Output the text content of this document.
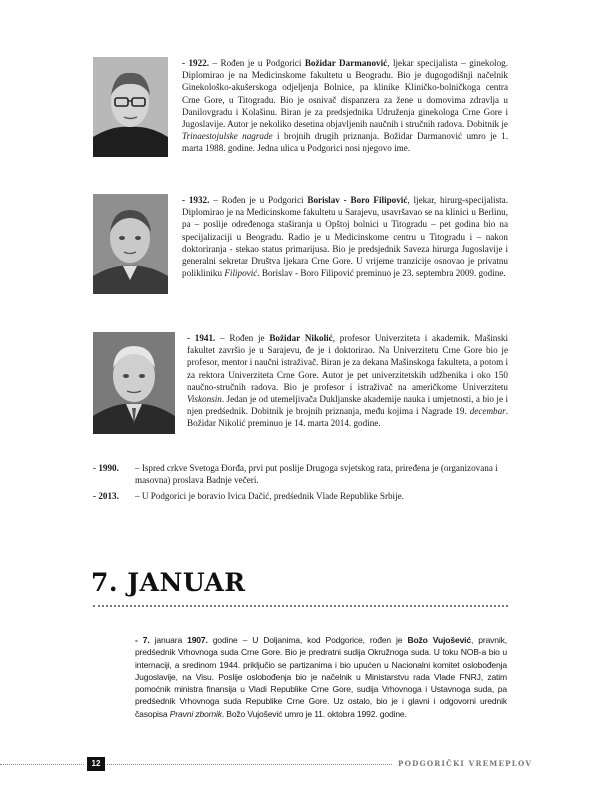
- 1922. – Rođen je u Podgorici Božidar Darmanović, ljekar specijalista – ginekolog. Diplomirao je na Medicinskome fakultetu u Beogradu. Bio je dugogodišnji načelnik Ginekološko-akušerskoga odjeljenja Bolnice, pa klinike Kliničko-bolničkoga centra Crne Gore, u Titogradu. Bio je osnivač dispanzera za žene u domovima zdravlja u Danilovgradu i Kolašinu. Biran je za predsjednika Udruženja ginekologa Crne Gore i Jugoslavije. Autor je nekoliko desetina objavljenih naučnih i stručnih radova. Dobitnik je Trinaestojulske nagrade i brojnih drugih priznanja. Božidar Darmanović umro je 1. marta 1988. godine. Jedna ulica u Podgorici nosi njegovo ime.

- 1932. – Rođen je u Podgorici Borislav - Boro Filipović, ljekar, hirurg-specijalista. Diplomirao je na Medicinskome fakultetu u Sarajevu, usavršavao se na klinici u Berlinu, pa – poslije određenoga staširanja u Opštoj bolnici u Titogradu – pet godina bio na specijalizaciji u Beogradu. Radio je u Medicinskome centru u Titogradu i – nakon doktoriranja - stekao status primarijusa. Bio je predsjednik Saveza hirurga Jugoslavije i generalni sekretar Društva ljekara Crne Gore. U vrijeme tranzicije osnovao je privatnu polikliniku Filipović. Borislav - Boro Filipović preminuo je 23. septembra 2009. godine.

- 1941. – Rođen je Božidar Nikolić, profesor Univerziteta i akademik. Mašinski fakultet završio je u Sarajevu, đe je i doktorirao. Na Univerzitetu Crne Gore bio je profesor, mentor i naučni istraživač. Biran je za dekana Mašinskoga fakulteta, a potom i za rektora Univerziteta Crne Gore. Autor je pet univerzitetskih udžbenika i oko 150 naučno-stručnih radova. Bio je profesor i istraživač na američkome Univerzitetu Viskonsin. Jedan je od utemeljivača Dukljanske akademije nauka i umjetnosti, a bio je i njen predśednik. Dobitnik je brojnih priznanja, među kojima i Nagrade 19. decembar. Božidar Nikolić preminuo je 14. marta 2014. godine.

- 1990. – Ispred crkve Svetoga Đorđa, prvi put poslije Drugoga svjetskog rata, priređena je (organizovana i masovna) proslava Badnje večeri.
- 2013. – U Podgorici je boravio Ivica Dačić, predśednik Vlade Republike Srbije.
7. JANUAR

- 7. januara 1907. godine – U Doljanima, kod Podgorice, rođen je Božo Vujošević, pravnik, predśednik Vrhovnoga suda Crne Gore. Bio je predratni sudija Okružnoga suda. U toku NOB-a bio u internaciji, a sredinom 1944. priključio se partizanima i bio upućen u Nacionalni komitet oslobođenja Jugoslavije, na Visu. Poslije oslobođenja bio je načelnik u Ministarstvu rada Vlade FNRJ, zatim pomoćnik ministra finansija u Vladi Republike Crne Gore, sudija Vrhovnoga i Ustavnoga suda, pa predśednik Vrhovnoga suda Republike Crne Gore. Uz ostalo, bio je i glavni i odgovorni urednik časopisa Pravni zbornik. Božo Vujošević umro je 11. oktobra 1992. godine.

12	PODGORIČKI VREMEPLOV
